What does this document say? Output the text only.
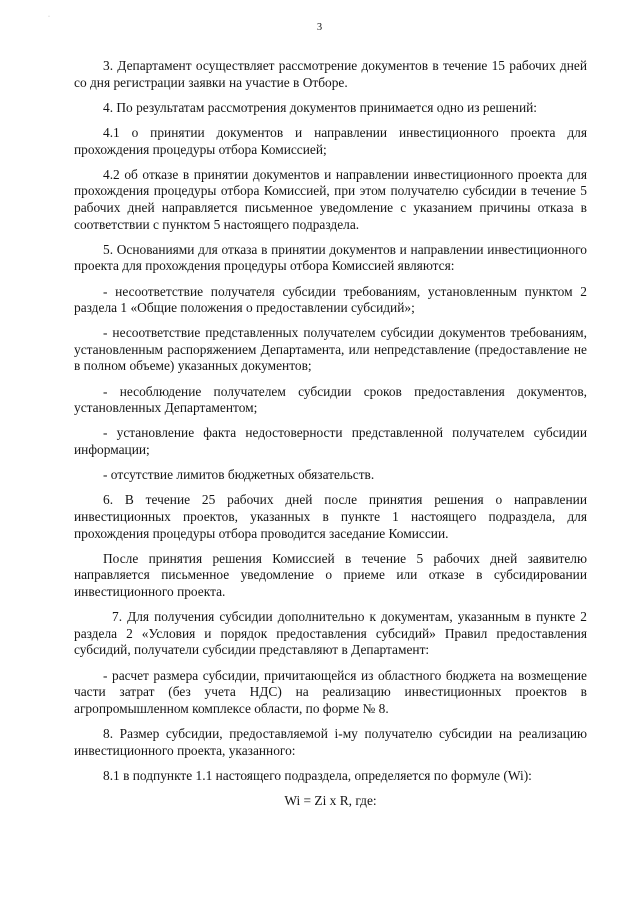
·
3

3. Департамент осуществляет рассмотрение документов в течение 15 рабочих дней со дня регистрации заявки на участие в Отборе.

4. По результатам рассмотрения документов принимается одно из решений:

4.1 о принятии документов и направлении инвестиционного проекта для прохождения процедуры отбора Комиссией;

4.2 об отказе в принятии документов и направлении инвестиционного проекта для прохождения процедуры отбора Комиссией, при этом получателю субсидии в течение 5 рабочих дней направляется письменное уведомление с указанием причины отказа в соответствии с пунктом 5 настоящего подраздела.

5. Основаниями для отказа в принятии документов и направлении инвестиционного проекта для прохождения процедуры отбора Комиссией являются:

- несоответствие получателя субсидии требованиям, установленным пунктом 2 раздела 1 «Общие положения о предоставлении субсидий»;

- несоответствие представленных получателем субсидии документов требованиям, установленным распоряжением Департамента, или непредставление (предоставление не в полном объеме) указанных документов;

- несоблюдение получателем субсидии сроков предоставления документов, установленных Департаментом;

- установление факта недостоверности представленной получателем субсидии информации;

- отсутствие лимитов бюджетных обязательств.

6. В течение 25 рабочих дней после принятия решения о направлении инвестиционных проектов, указанных в пункте 1 настоящего подраздела, для прохождения процедуры отбора проводится заседание Комиссии.

После принятия решения Комиссией в течение 5 рабочих дней заявителю направляется письменное уведомление о приеме или отказе в субсидировании инвестиционного проекта.

7. Для получения субсидии дополнительно к документам, указанным в пункте 2 раздела 2 «Условия и порядок предоставления субсидий» Правил предоставления субсидий, получатели субсидии представляют в Департамент:

- расчет размера субсидии, причитающейся из областного бюджета на возмещение части затрат (без учета НДС) на реализацию инвестиционных проектов в агропромышленном комплексе области, по форме № 8.

8. Размер субсидии, предоставляемой i-му получателю субсидии на реализацию инвестиционного проекта, указанного:

8.1 в подпункте 1.1 настоящего подраздела, определяется по формуле (Wi):

Wi = Zi x R, где:
